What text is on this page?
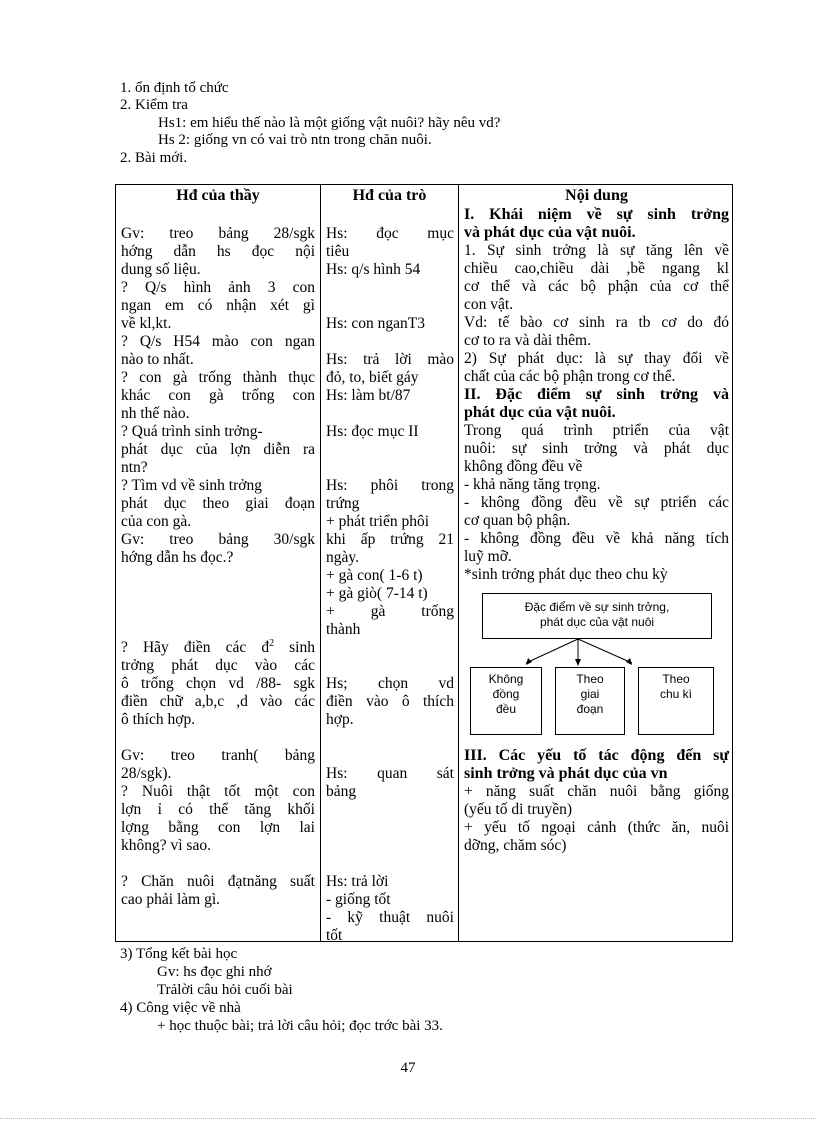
1. ổn định tổ chức
2. Kiểm tra
Hs1: em hiểu thế nào là một giống vật nuôi? hãy nêu vd?
Hs 2: giống vn có vai trò ntn trong chăn nuôi.
2. Bài mới.
Hđ của thầy	Hđ của trò	Nội dung

Gv: treo bảng 28/sgk

hớng dẫn hs đọc nội

dung số liệu.

? Q/s hình ảnh 3 con

ngan em có nhận xét gì

về kl,kt.

? Q/s H54 mào con ngan

nào to nhất.

? con gà trống thành thục

khác con gà trống con

nh thế nào.

? Quá trình sinh trởng-

phát dục của lợn diễn ra

ntn?

? Tìm vd về sinh trởng

phát dục theo giai đoạn

của con gà.

Gv: treo bảng 30/sgk

hớng dẫn hs đọc.?

? Hãy điền các $đ^2$ sinh

trởng phát dục vào các

ô trống chọn vd /88- sgk

điền chữ a,b,c ,d vào các

ô thích hợp.

Gv: treo tranh( bảng

28/sgk).

? Nuôi thật tốt một con

lợn ỉ có thể tăng khối

lợng bằng con lợn lai

không? vì sao.

? Chăn nuôi đạtnăng suất

cao phải làm gì.

Hs: đọc mục

tiêu

Hs: q/s hình 54

Hs: con nganT3

Hs: trả lời mào

đỏ, to, biết gáy

Hs: làm bt/87

Hs: đọc mục II

Hs: phôi trong

trứng

+ phát triển phôi

khi ấp trứng 21

ngày.

+ gà con( 1-6 t)

+ gà giò( 7-14 t)

+ gà trống

thành

Hs; chọn vd

điền vào ô thích

hợp.

Hs: quan sát

bảng

Hs: trả lời

- giống tốt

- kỹ thuật nuôi

tốt

I. Khái niệm về sự sinh trởng

và phát dục của vật nuôi.

1. Sự sinh trởng là sự tăng lên về

chiều cao,chiều dài ,bề ngang kl

cơ thể và các bộ phận của cơ thể

con vật.

Vd: tế bào cơ sinh ra tb cơ do đó

cơ to ra và dài thêm.

2) Sự phát dục: là sự thay đổi về

chất của các bộ phận trong cơ thể.

II. Đặc điểm sự sinh trởng và

phát dục của vật nuôi.

Trong quá trình ptriển của vật

nuôi: sự sinh trởng và phát dục

không đồng đều về

- khả năng tăng trọng.

- không đồng đều về sự ptriển các

cơ quan bộ phận.

- không đồng đều về khả năng tích

luỹ mỡ.

*sinh trởng phát dục theo chu kỳ

Đặc điểm về sự sinh trởng,
phát dục của vật nuôi
Không
đồng
đều
Theo
giai
đoạn
Theo
chu kì

III. Các yếu tố tác động đến sự

sinh trởng và phát dục của vn

+ năng suất chăn nuôi bằng giống

(yếu tố di truyền)

+ yếu tố ngoại cảnh (thức ăn, nuôi

dỡng, chăm sóc)

3) Tổng kết bài học
Gv: hs đọc ghi nhớ
Trảlời câu hỏi cuối bài
4) Công việc về nhà
+ học thuộc bài; trả lời câu hỏi; đọc trớc bài 33.
47
